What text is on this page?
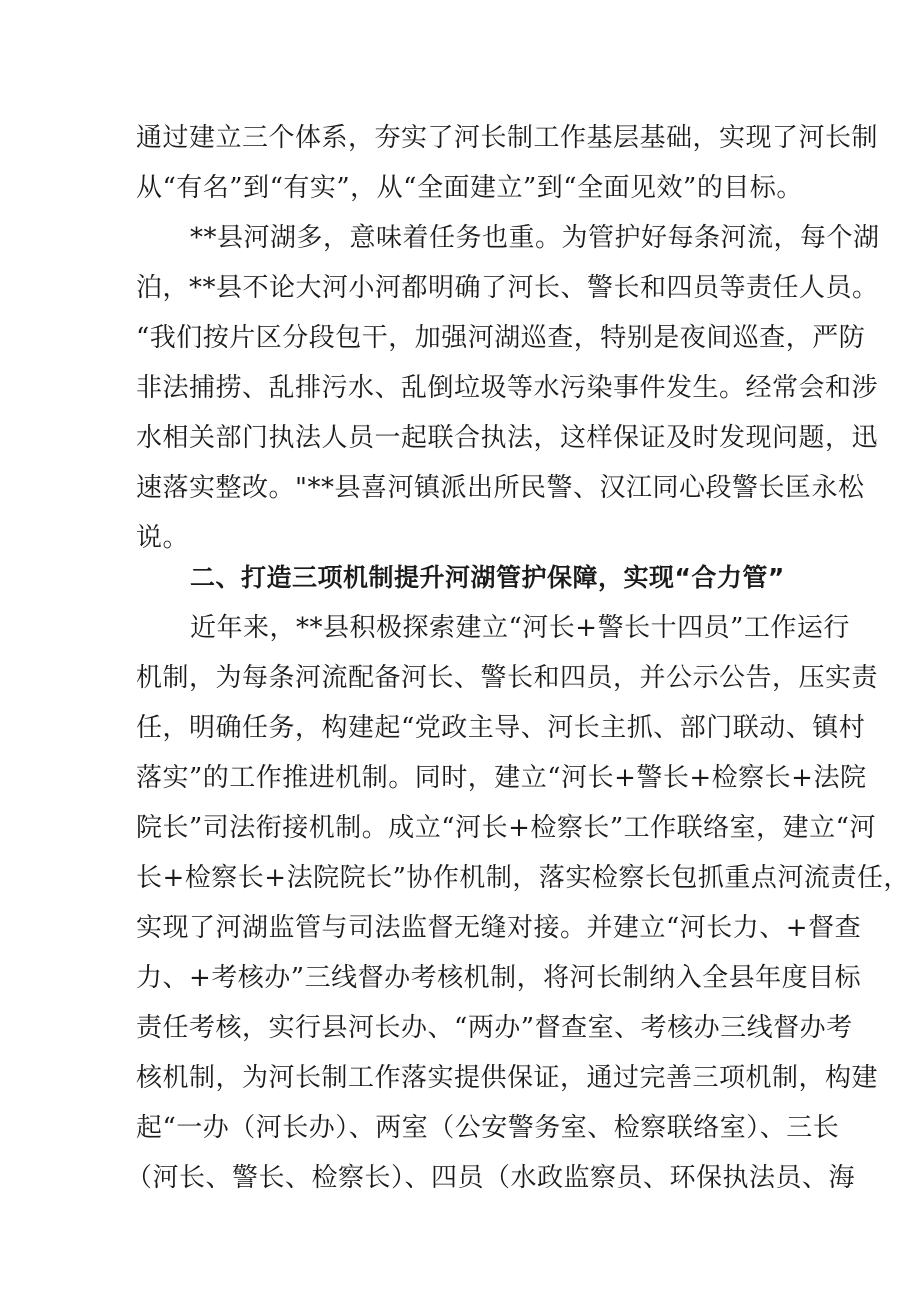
通过建立三个体系，夯实了河长制工作基层基础，实现了河长制
从“有名”到“有实”，从“全面建立”到“全面见效”的目标。
**县河湖多，意味着任务也重。为管护好每条河流，每个湖
泊，**县不论大河小河都明确了河长、警长和四员等责任人员。
“我们按片区分段包干，加强河湖巡查，特别是夜间巡查，严防
非法捕捞、乱排污水、乱倒垃圾等水污染事件发生。经常会和涉
水相关部门执法人员一起联合执法，这样保证及时发现问题，迅
速落实整改。"**县喜河镇派出所民警、汉江同心段警长匡永松
说。
二、打造三项机制提升河湖管护保障，实现“合力管”
近年来，**县积极探索建立“河长+警长十四员”工作运行
机制，为每条河流配备河长、警长和四员，并公示公告，压实责
任，明确任务，构建起“党政主导、河长主抓、部门联动、镇村
落实”的工作推进机制。同时，建立“河长+警长+检察长+法院
院长”司法衔接机制。成立“河长+检察长”工作联络室，建立“河
长+检察长+法院院长”协作机制，落实检察长包抓重点河流责任，
实现了河湖监管与司法监督无缝对接。并建立“河长力、+督查
力、+考核办”三线督办考核机制，将河长制纳入全县年度目标
责任考核，实行县河长办、“两办”督查室、考核办三线督办考
核机制，为河长制工作落实提供保证，通过完善三项机制，构建
起“一办（河长办）、两室（公安警务室、检察联络室）、三长
（河长、警长、检察长）、四员（水政监察员、环保执法员、海
